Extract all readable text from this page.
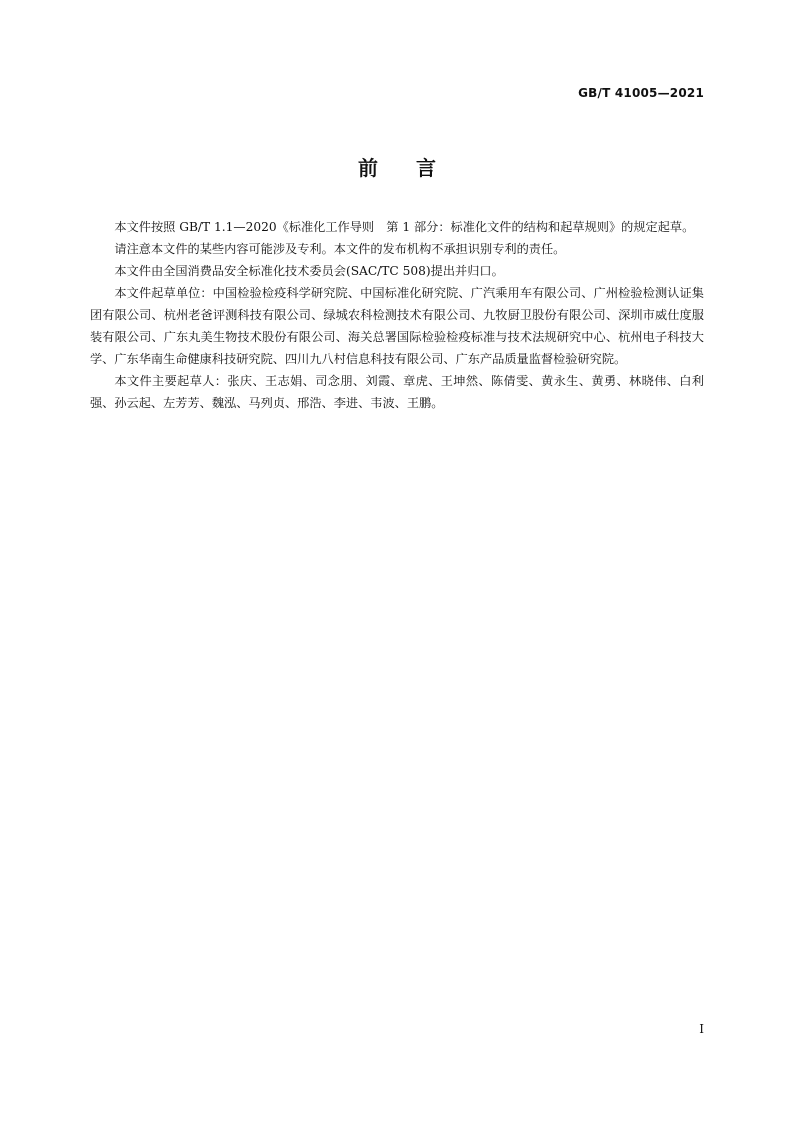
GB/T 41005—2021
前 言

本文件按照 GB/T 1.1—2020《标准化工作导则　第 1 部分：标准化文件的结构和起草规则》的规定起草。

请注意本文件的某些内容可能涉及专利。本文件的发布机构不承担识别专利的责任。

本文件由全国消费品安全标准化技术委员会(SAC/TC 508)提出并归口。

本文件起草单位：中国检验检疫科学研究院、中国标准化研究院、广汽乘用车有限公司、广州检验检测认证集团有限公司、杭州老爸评测科技有限公司、绿城农科检测技术有限公司、九牧厨卫股份有限公司、深圳市威仕度服装有限公司、广东丸美生物技术股份有限公司、海关总署国际检验检疫标准与技术法规研究中心、杭州电子科技大学、广东华南生命健康科技研究院、四川九八村信息科技有限公司、广东产品质量监督检验研究院。

本文件主要起草人：张庆、王志娟、司念朋、刘霞、章虎、王坤然、陈倩雯、黄永生、黄勇、林晓伟、白利强、孙云起、左芳芳、魏泓、马列贞、邢浩、李进、韦波、王鹏。

I
